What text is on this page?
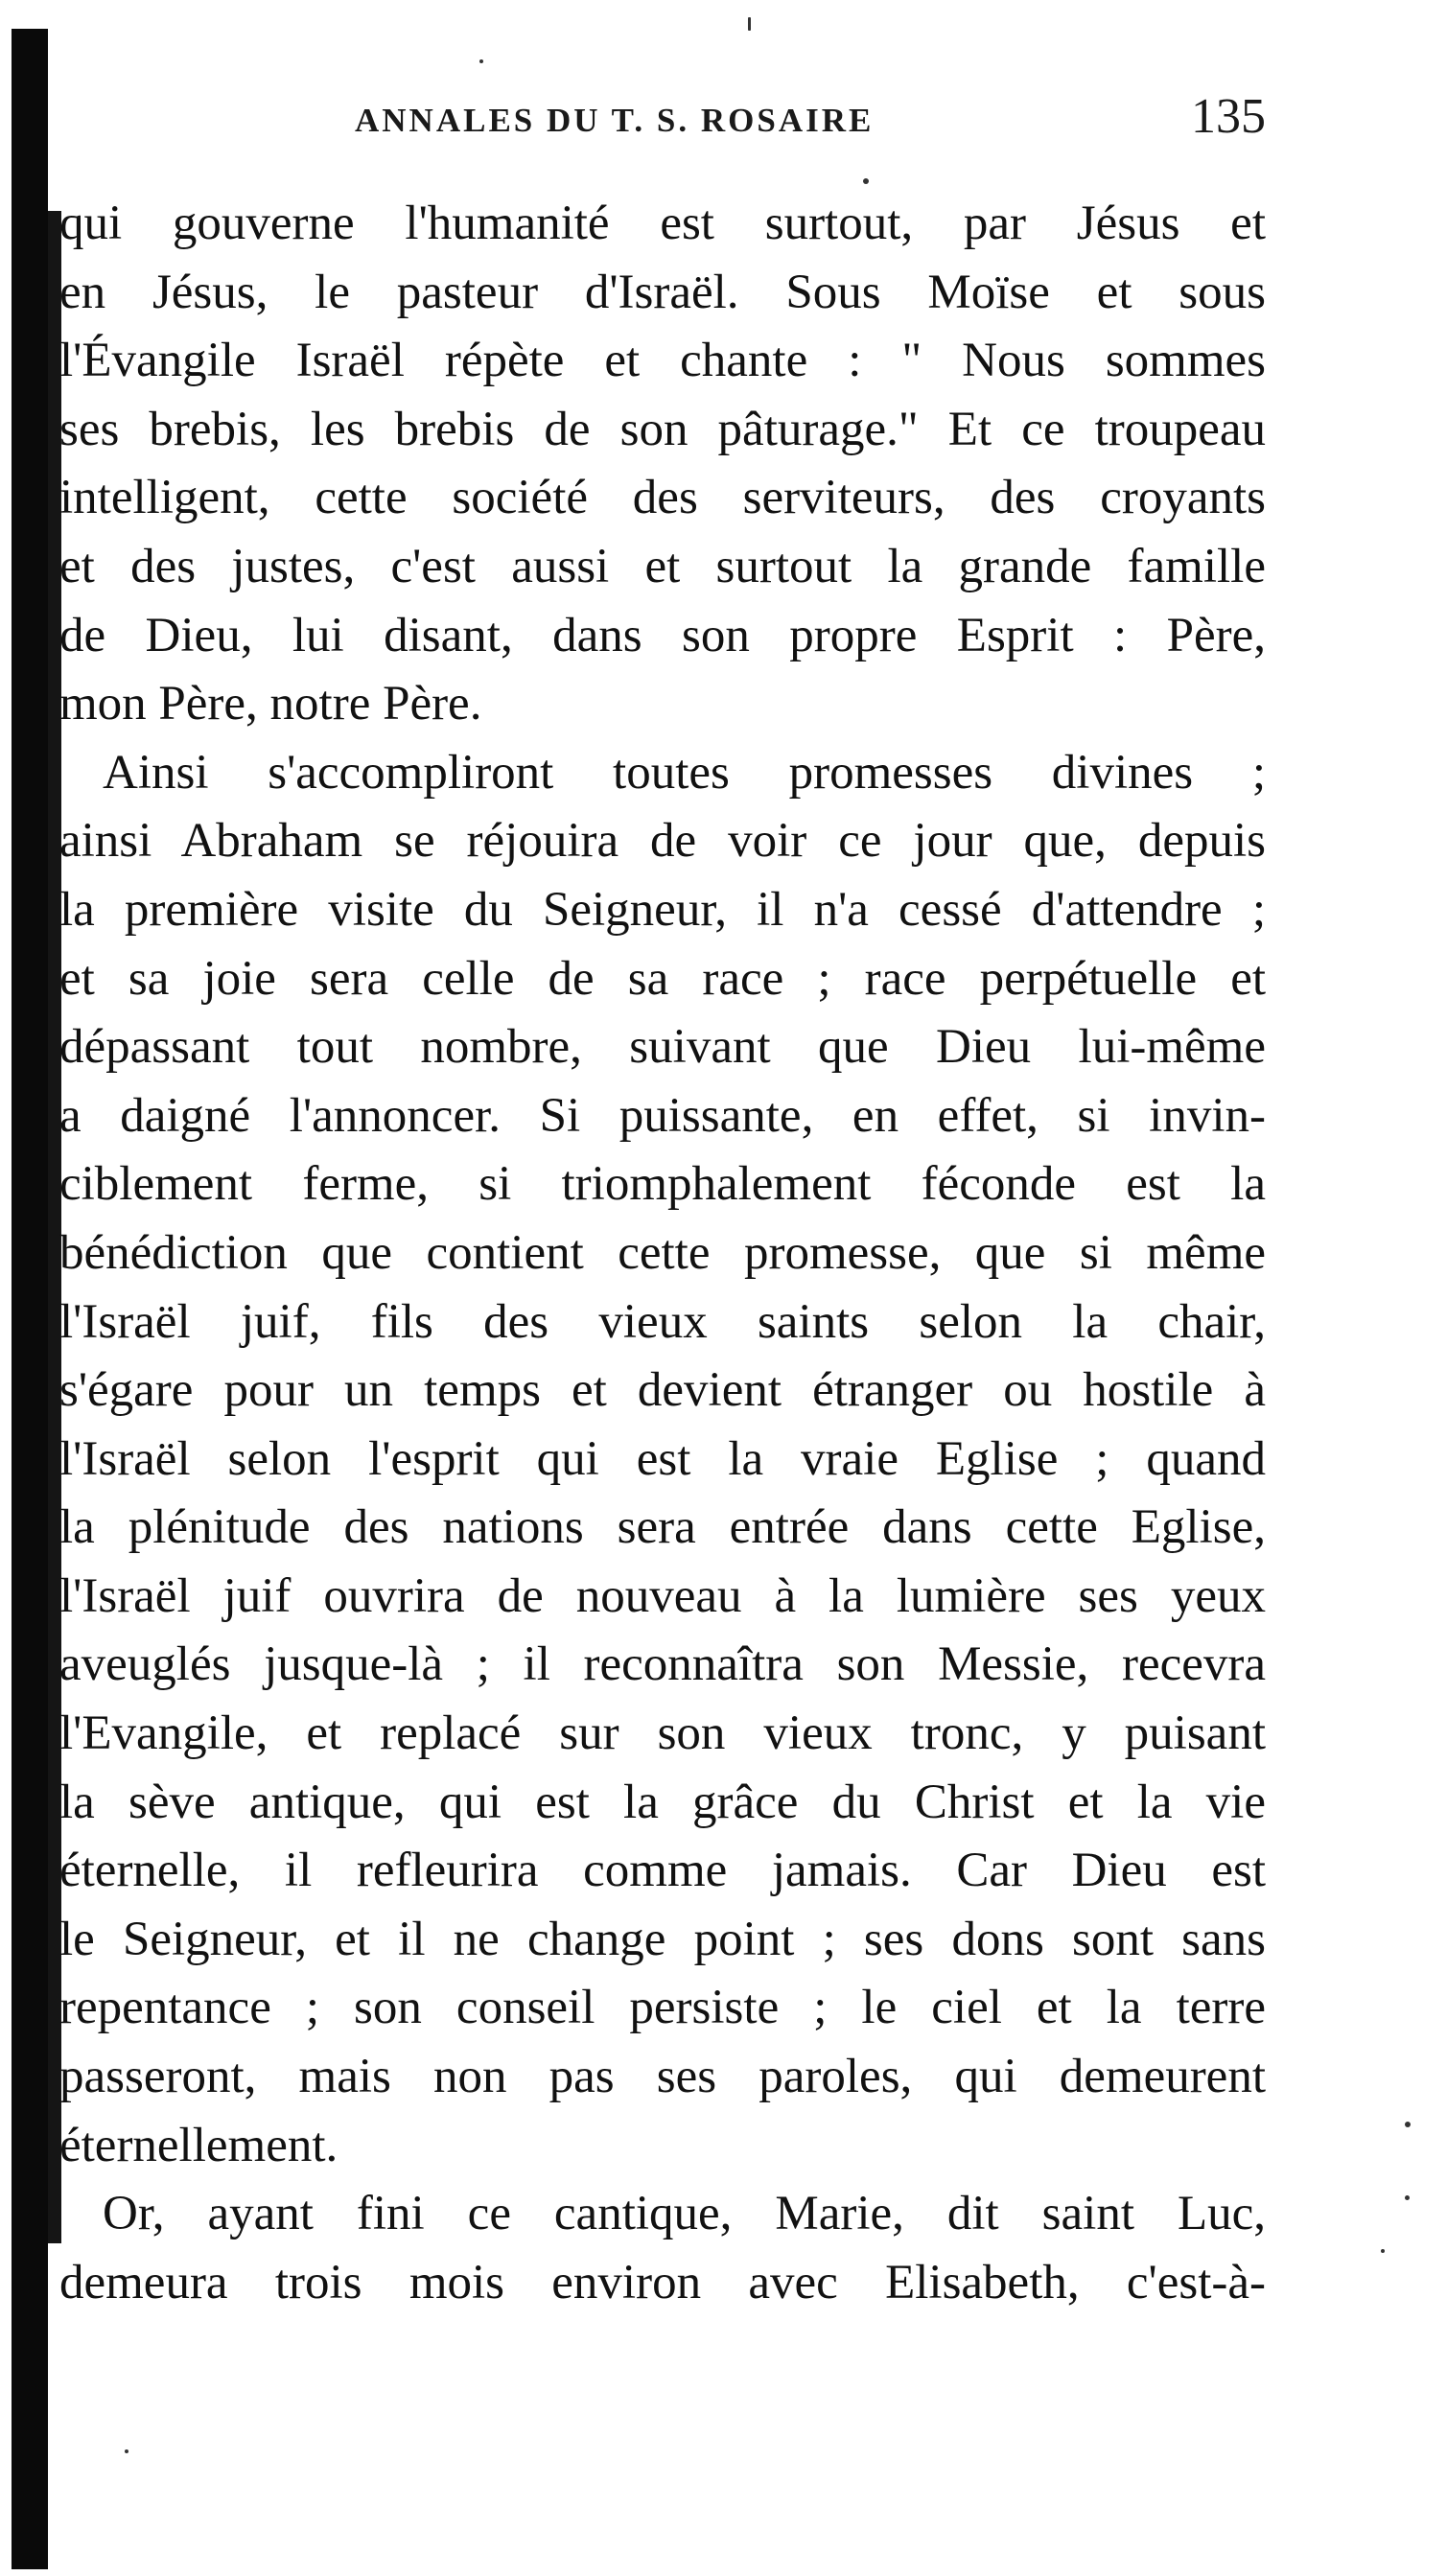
ANNALES DU T. S. ROSAIRE	135
qui gouverne l'humanité est surtout, par Jésus et
en Jésus, le pasteur d'Israël. Sous Moïse et sous
l'Évangile Israël répète et chante : " Nous sommes
ses brebis, les brebis de son pâturage." Et ce troupeau
intelligent, cette société des serviteurs, des croyants
et des justes, c'est aussi et surtout la grande famille
de Dieu, lui disant, dans son propre Esprit : Père,
mon Père, notre Père.
Ainsi s'accompliront toutes promesses divines ;
ainsi Abraham se réjouira de voir ce jour que, depuis
la première visite du Seigneur, il n'a cessé d'attendre ;
et sa joie sera celle de sa race ; race perpétuelle et
dépassant tout nombre, suivant que Dieu lui-même
a daigné l'annoncer. Si puissante, en effet, si invin-
ciblement ferme, si triomphalement féconde est la
bénédiction que contient cette promesse, que si même
l'Israël juif, fils des vieux saints selon la chair,
s'égare pour un temps et devient étranger ou hostile à
l'Israël selon l'esprit qui est la vraie Eglise ; quand
la plénitude des nations sera entrée dans cette Eglise,
l'Israël juif ouvrira de nouveau à la lumière ses yeux
aveuglés jusque-là ; il reconnaîtra son Messie, recevra
l'Evangile, et replacé sur son vieux tronc, y puisant
la sève antique, qui est la grâce du Christ et la vie
éternelle, il refleurira comme jamais. Car Dieu est
le Seigneur, et il ne change point ; ses dons sont sans
repentance ; son conseil persiste ; le ciel et la terre
passeront, mais non pas ses paroles, qui demeurent
éternellement.
Or, ayant fini ce cantique, Marie, dit saint Luc,
demeura trois mois environ avec Elisabeth, c'est-à-
